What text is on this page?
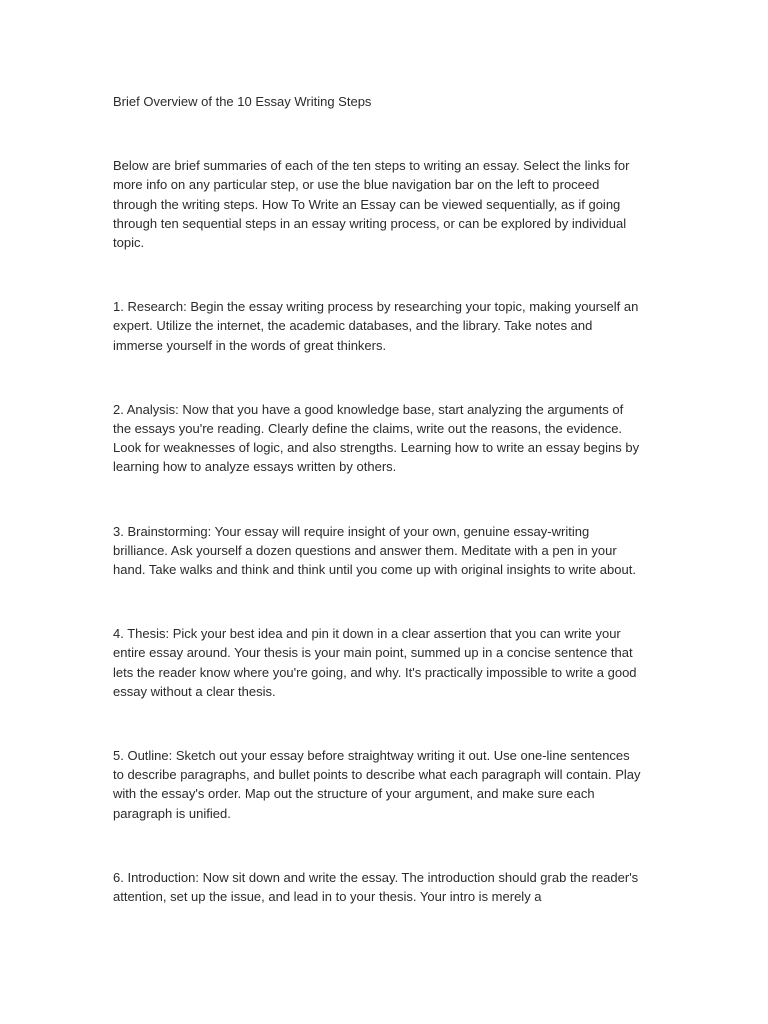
Brief Overview of the 10 Essay Writing Steps

Below are brief summaries of each of the ten steps to writing an essay. Select the links for more info on any particular step, or use the blue navigation bar on the left to proceed through the writing steps. How To Write an Essay can be viewed sequentially, as if going through ten sequential steps in an essay writing process, or can be explored by individual topic.

1. Research: Begin the essay writing process by researching your topic, making yourself an expert. Utilize the internet, the academic databases, and the library. Take notes and immerse yourself in the words of great thinkers.

2. Analysis: Now that you have a good knowledge base, start analyzing the arguments of the essays you're reading. Clearly define the claims, write out the reasons, the evidence. Look for weaknesses of logic, and also strengths. Learning how to write an essay begins by learning how to analyze essays written by others.

3. Brainstorming: Your essay will require insight of your own, genuine essay-writing brilliance. Ask yourself a dozen questions and answer them. Meditate with a pen in your hand. Take walks and think and think until you come up with original insights to write about.

4. Thesis: Pick your best idea and pin it down in a clear assertion that you can write your entire essay around. Your thesis is your main point, summed up in a concise sentence that lets the reader know where you're going, and why. It's practically impossible to write a good essay without a clear thesis.

5. Outline: Sketch out your essay before straightway writing it out. Use one-line sentences to describe paragraphs, and bullet points to describe what each paragraph will contain. Play with the essay's order. Map out the structure of your argument, and make sure each paragraph is unified.

6. Introduction: Now sit down and write the essay. The introduction should grab the reader's attention, set up the issue, and lead in to your thesis. Your intro is merely a
